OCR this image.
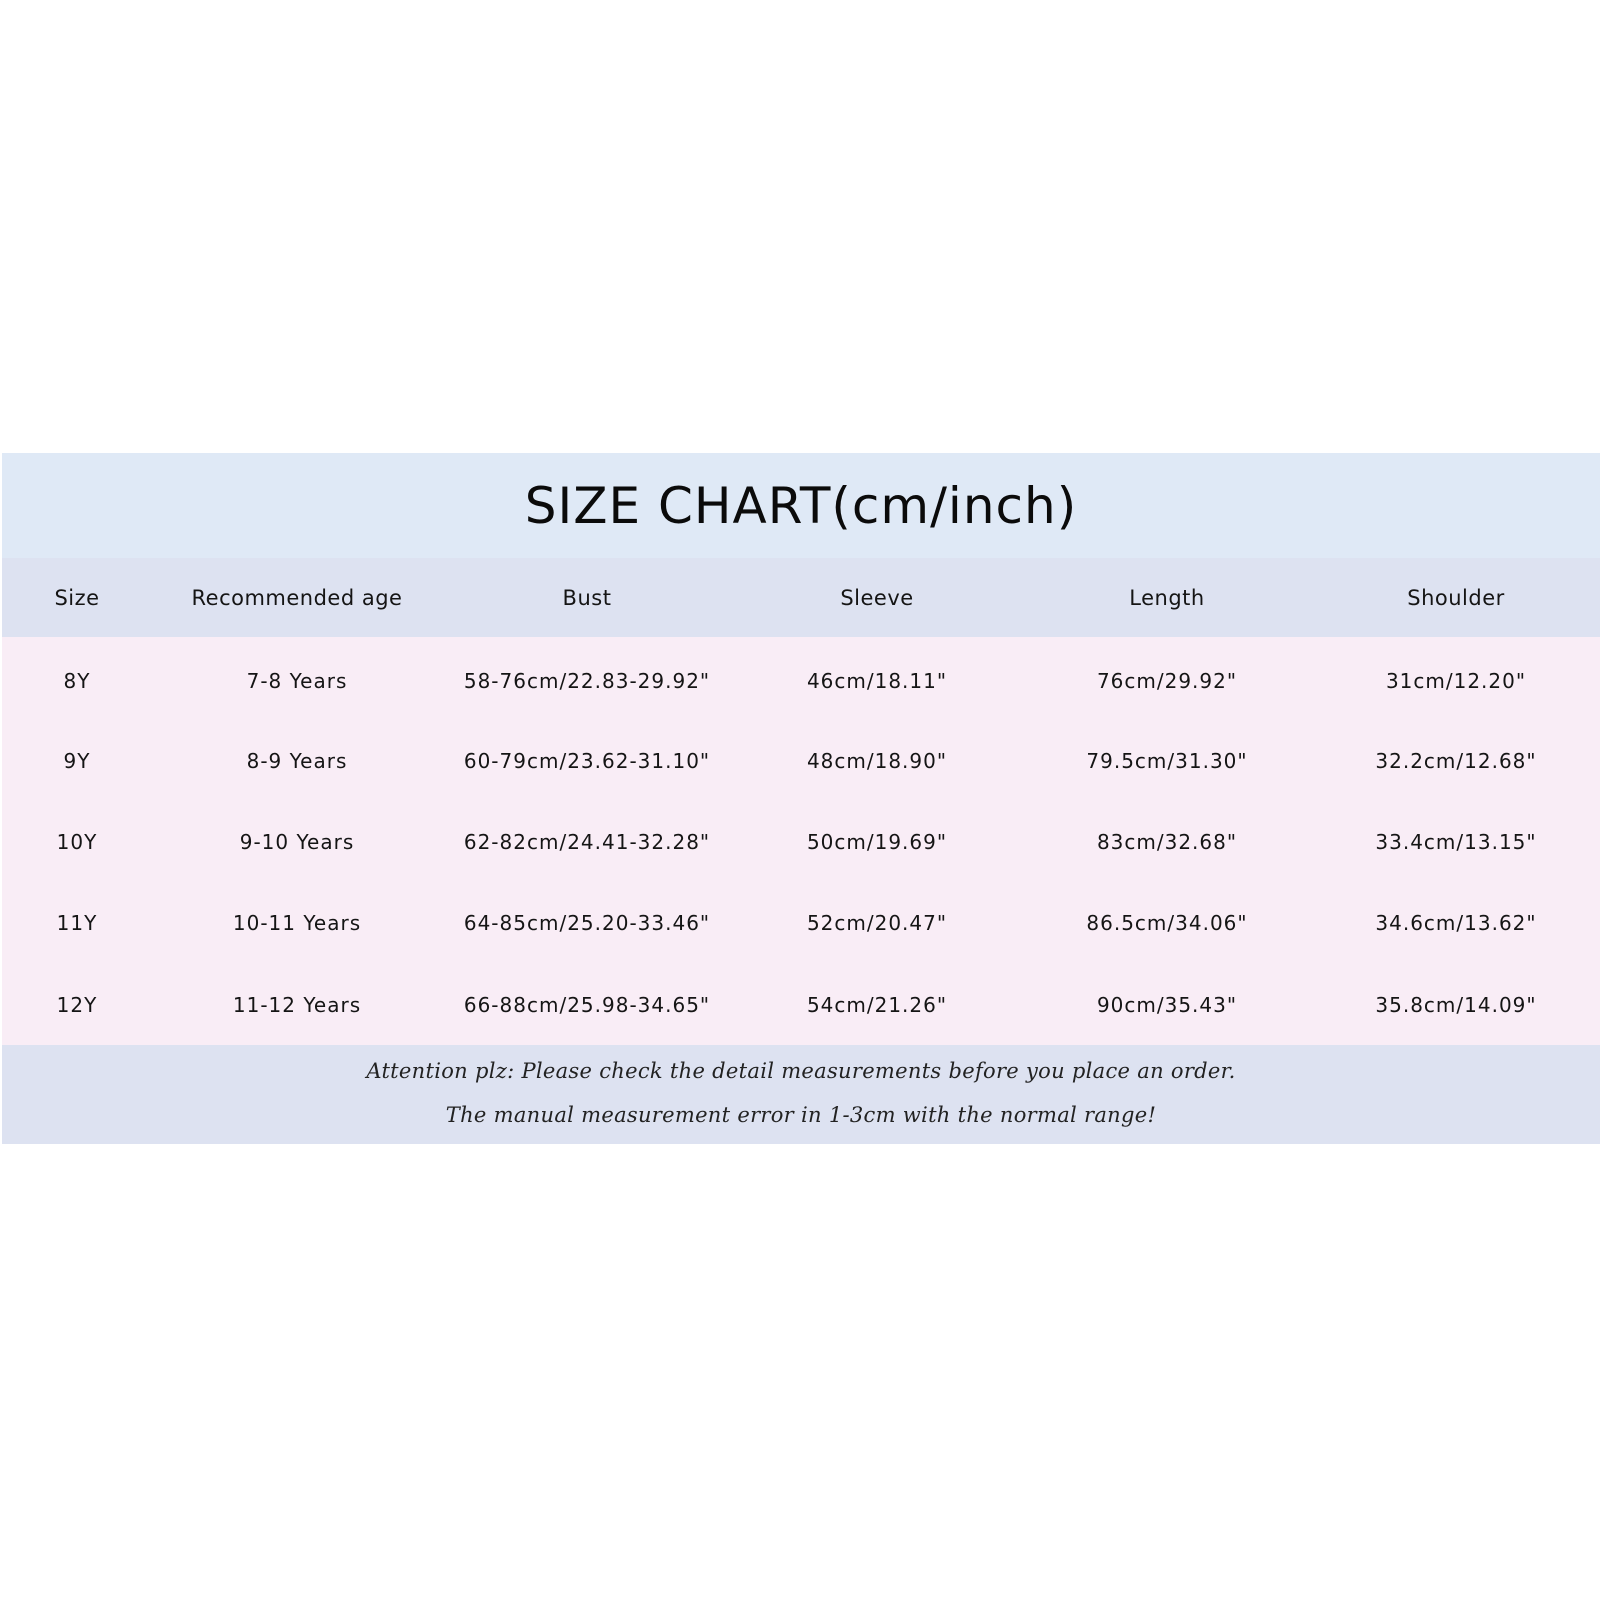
SIZE CHART(cm/inch)
Size	Recommended age	Bust	Sleeve	Length	Shoulder
8Y	7-8 Years	58-76cm/22.83-29.92"	46cm/18.11"	76cm/29.92"	31cm/12.20"
9Y	8-9 Years	60-79cm/23.62-31.10"	48cm/18.90"	79.5cm/31.30"	32.2cm/12.68"
10Y	9-10 Years	62-82cm/24.41-32.28"	50cm/19.69"	83cm/32.68"	33.4cm/13.15"
11Y	10-11 Years	64-85cm/25.20-33.46"	52cm/20.47"	86.5cm/34.06"	34.6cm/13.62"
12Y	11-12 Years	66-88cm/25.98-34.65"	54cm/21.26"	90cm/35.43"	35.8cm/14.09"
Attention plz: Please check the detail measurements before you place an order.
The manual measurement error in 1-3cm with the normal range!
